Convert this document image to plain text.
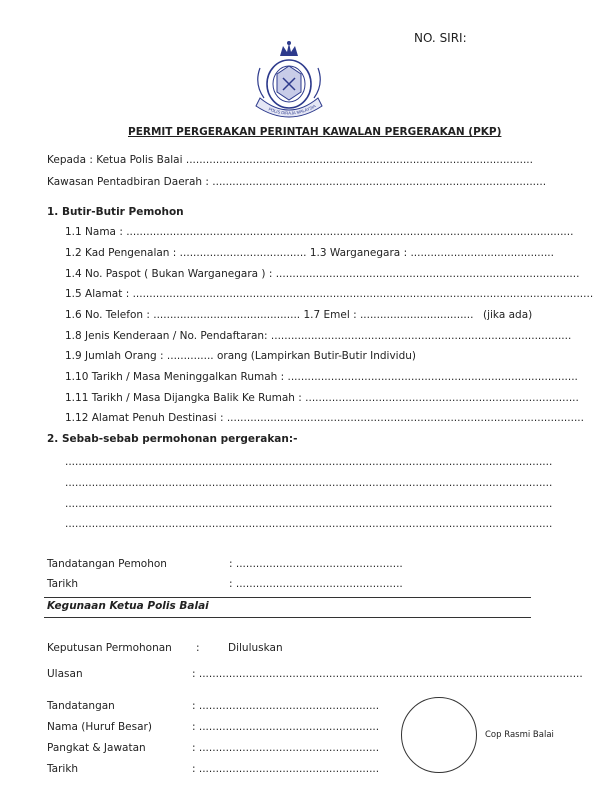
NO. SIRI:
POLIS DIRAJA MALAYSIA
PERMIT PERGERAKAN PERINTAH KAWALAN PERGERAKAN (PKP)
Kepada : Ketua Polis Balai ........................................................................................................
Kawasan Pentadbiran Daerah : ....................................................................................................
1. Butir-Butir Pemohon
1.1 Nama : ......................................................................................................................................
1.2 Kad Pengenalan : ...................................... 1.3 Warganegara : ...........................................
1.4 No. Paspot ( Bukan Warganegara ) : ...........................................................................................
1.5 Alamat : ..........................................................................................................................................
1.6 No. Telefon : ............................................ 1.7 Emel : .................................. (jika ada)
1.8 Jenis Kenderaan / No. Pendaftaran: ..........................................................................................
1.9 Jumlah Orang : .............. orang (Lampirkan Butir-Butir Individu)
1.10 Tarikh / Masa Meninggalkan Rumah : .......................................................................................
1.11 Tarikh / Masa Dijangka Balik Ke Rumah : ..................................................................................
1.12 Alamat Penuh Destinasi : ...........................................................................................................
2. Sebab-sebab permohonan pergerakan:-
..................................................................................................................................................
..................................................................................................................................................
..................................................................................................................................................
..................................................................................................................................................
Tandatangan Pemohon	: ..................................................
Tarikh	: ..................................................
Kegunaan Ketua Polis Balai
Keputusan Permohonan :	Diluluskan
Ulasan	: ...................................................................................................................
Tandatangan	: ......................................................
Nama (Huruf Besar)	: ......................................................
Pangkat & Jawatan	: ......................................................
Tarikh	: ......................................................
Cop Rasmi Balai
